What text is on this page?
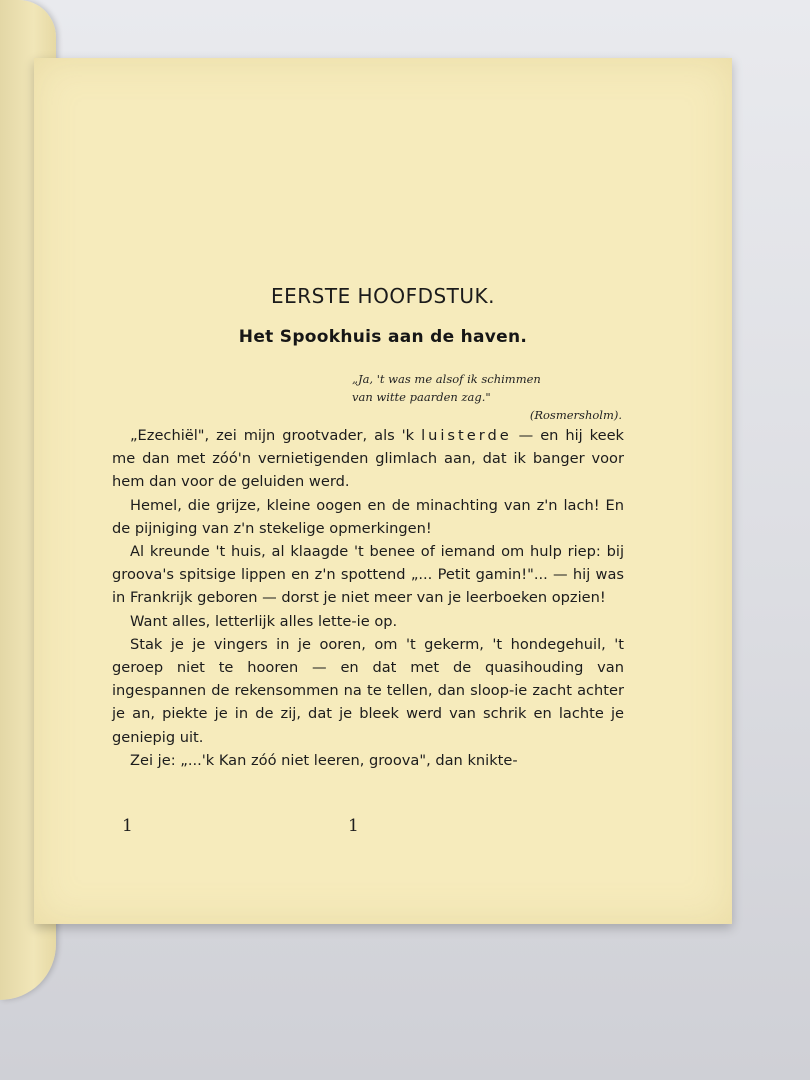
EERSTE HOOFDSTUK.
Het Spookhuis aan de haven.
„Ja, 't was me alsof ik schimmen
van witte paarden zag."
(Rosmersholm).

„Ezechiël", zei mijn grootvader, als 'k luisterde — en hij keek me dan met zóó'n vernietigenden glimlach aan, dat ik banger voor hem dan voor de geluiden werd.

Hemel, die grijze, kleine oogen en de minachting van z'n lach! En de pijniging van z'n stekelige opmerkingen!

Al kreunde 't huis, al klaagde 't benee of iemand om hulp riep: bij groova's spitsige lippen en z'n spottend „... Petit gamin!"... — hij was in Frankrijk geboren — dorst je niet meer van je leerboeken opzien!

Want alles, letterlijk alles lette-ie op.

Stak je je vingers in je ooren, om 't gekerm, 't hondegehuil, 't geroep niet te hooren — en dat met de quasihouding van ingespannen de rekensommen na te tellen, dan sloop-ie zacht achter je an, piekte je in de zij, dat je bleek werd van schrik en lachte je geniepig uit.

Zei je: „...'k Kan zóó niet leeren, groova", dan knikte-

1	1
